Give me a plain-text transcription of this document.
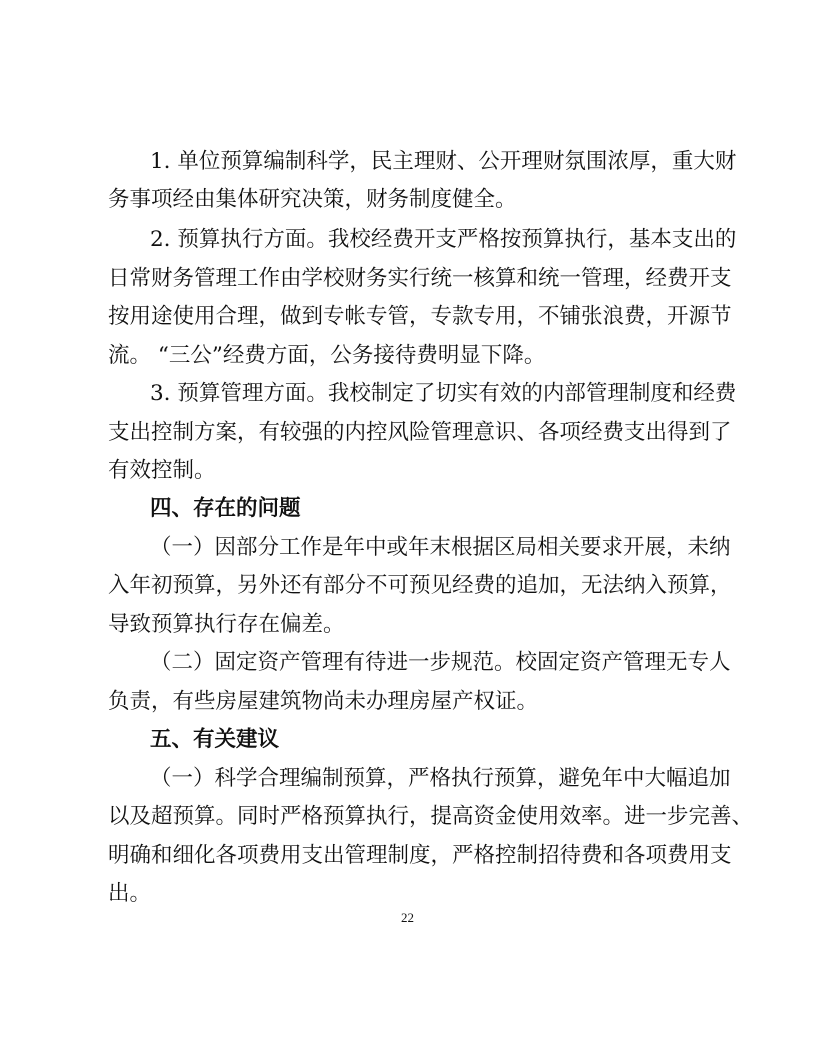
1. 单位预算编制科学，民主理财、公开理财氛围浓厚，重大财
务事项经由集体研究决策，财务制度健全。
2. 预算执行方面。我校经费开支严格按预算执行，基本支出的
日常财务管理工作由学校财务实行统一核算和统一管理，经费开支
按用途使用合理，做到专帐专管，专款专用，不铺张浪费，开源节
流。 “三公”经费方面，公务接待费明显下降。
3. 预算管理方面。我校制定了切实有效的内部管理制度和经费
支出控制方案，有较强的内控风险管理意识、各项经费支出得到了
有效控制。
四、存在的问题
（一）因部分工作是年中或年末根据区局相关要求开展，未纳
入年初预算，另外还有部分不可预见经费的追加，无法纳入预算，
导致预算执行存在偏差。
（二）固定资产管理有待进一步规范。校固定资产管理无专人
负责，有些房屋建筑物尚未办理房屋产权证。
五、有关建议
（一）科学合理编制预算，严格执行预算，避免年中大幅追加
以及超预算。同时严格预算执行，提高资金使用效率。进一步完善、
明确和细化各项费用支出管理制度，严格控制招待费和各项费用支
出。
22
